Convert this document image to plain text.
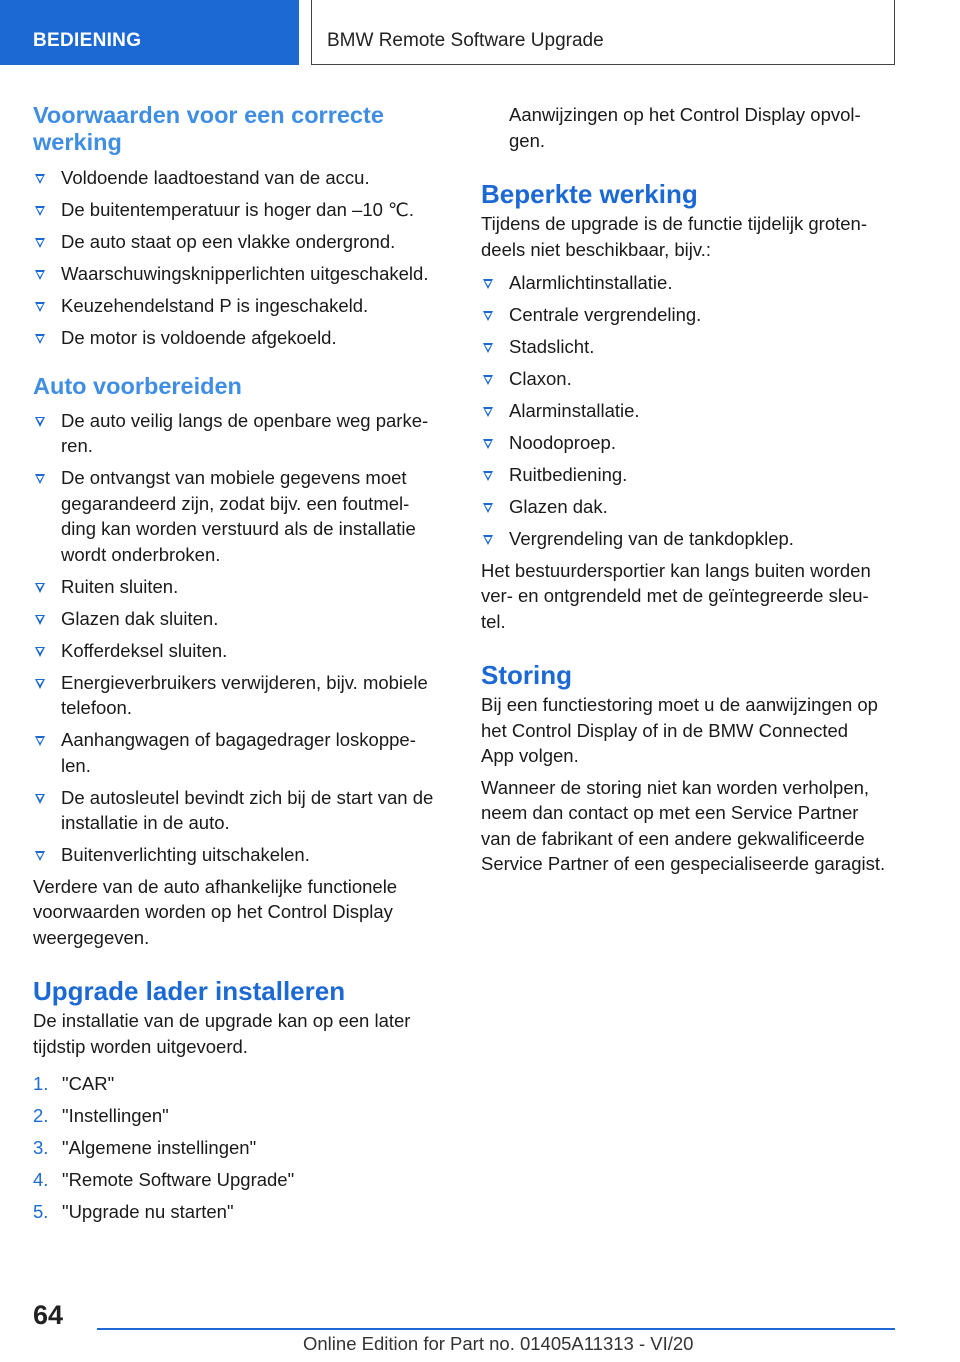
BEDIENING	BMW Remote Software Upgrade
Voorwaarden voor een correcte
werking
Voldoende laadtoestand van de accu.
De buitentemperatuur is hoger dan ‒10 ℃.
De auto staat op een vlakke ondergrond.
Waarschuwingsknipperlichten uitgeschakeld.
Keuzehendelstand P is ingeschakeld.
De motor is voldoende afgekoeld.
Auto voorbereiden
De auto veilig langs de openbare weg parke-
ren.
De ontvangst van mobiele gegevens moet
gegarandeerd zijn, zodat bijv. een foutmel-
ding kan worden verstuurd als de installatie
wordt onderbroken.
Ruiten sluiten.
Glazen dak sluiten.
Kofferdeksel sluiten.
Energieverbruikers verwijderen, bijv. mobiele
telefoon.
Aanhangwagen of bagagedrager loskoppe-
len.
De autosleutel bevindt zich bij de start van de
installatie in de auto.
Buitenverlichting uitschakelen.

Verdere van de auto afhankelijke functionele
voorwaarden worden op het Control Display
weergegeven.

Upgrade lader installeren

De installatie van de upgrade kan op een later
tijdstip worden uitgevoerd.

1. "CAR"
2. "Instellingen"
3. "Algemene instellingen"
4. "Remote Software Upgrade"
5. "Upgrade nu starten"

Aanwijzingen op het Control Display opvol-
gen.

Beperkte werking

Tijdens de upgrade is de functie tijdelijk groten-
deels niet beschikbaar, bijv.:

Alarmlichtinstallatie.
Centrale vergrendeling.
Stadslicht.
Claxon.
Alarminstallatie.
Noodoproep.
Ruitbediening.
Glazen dak.
Vergrendeling van de tankdopklep.

Het bestuurdersportier kan langs buiten worden
ver- en ontgrendeld met de geïntegreerde sleu-
tel.

Storing

Bij een functiestoring moet u de aanwijzingen op
het Control Display of in de BMW Connected
App volgen.

Wanneer de storing niet kan worden verholpen,
neem dan contact op met een Service Partner
van de fabrikant of een andere gekwalificeerde
Service Partner of een gespecialiseerde garagist.

64
Online Edition for Part no. 01405A11313 - VI/20
